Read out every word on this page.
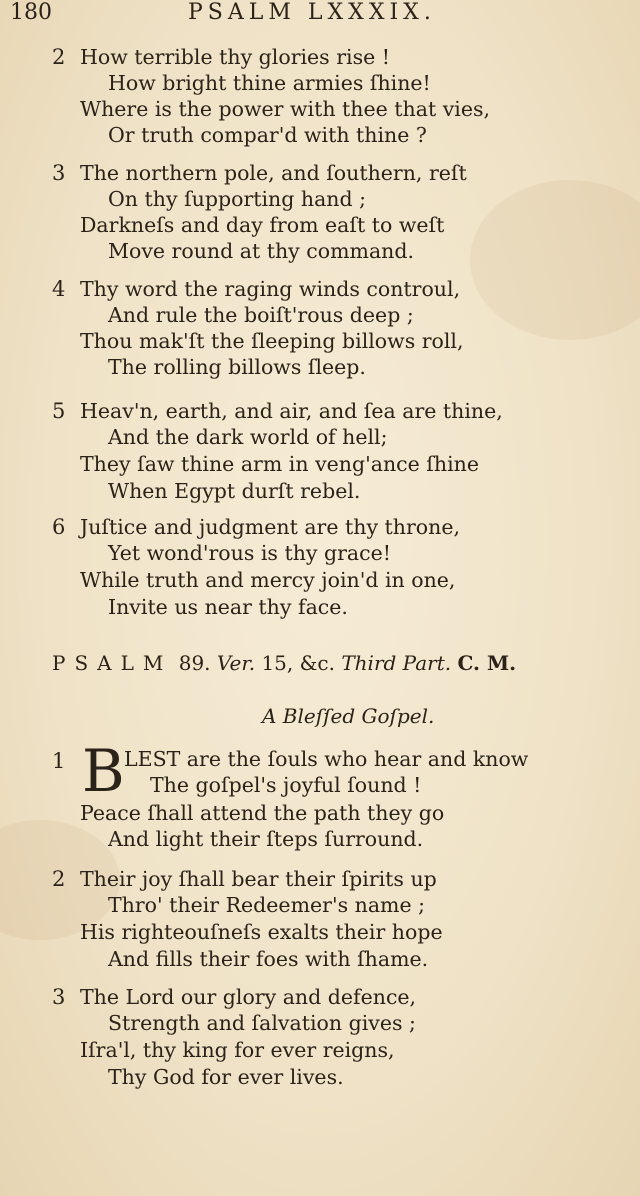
180	PSALM LXXXIX.
2 How terrible thy glories rise !
How bright thine armies ſhine!
Where is the power with thee that vies,
Or truth compar'd with thine ?
3 The northern pole, and ſouthern, reſt
On thy ſupporting hand ;
Darkneſs and day from eaſt to weſt
Move round at thy command.
4 Thy word the raging winds controul,
And rule the boiſt'rous deep ;
Thou mak'ſt the ſleeping billows roll,
The rolling billows ſleep.
5 Heav'n, earth, and air, and ſea are thine,
And the dark world of hell;
They ſaw thine arm in veng'ance ſhine
When Egypt durſt rebel.
6 Juſtice and judgment are thy throne,
Yet wond'rous is thy grace!
While truth and mercy join'd in one,
Invite us near thy face.
PSALM 89. Ver. 15, &c. Third Part. C. M.
A Bleſſed Goſpel.
1 B LEST are the ſouls who hear and know
The goſpel's joyful ſound !
Peace ſhall attend the path they go
And light their ſteps ſurround.
2 Their joy ſhall bear their ſpirits up
Thro' their Redeemer's name ;
His righteouſneſs exalts their hope
And fills their foes with ſhame.
3 The Lord our glory and defence,
Strength and ſalvation gives ;
Iſra'l, thy king for ever reigns,
Thy God for ever lives.
